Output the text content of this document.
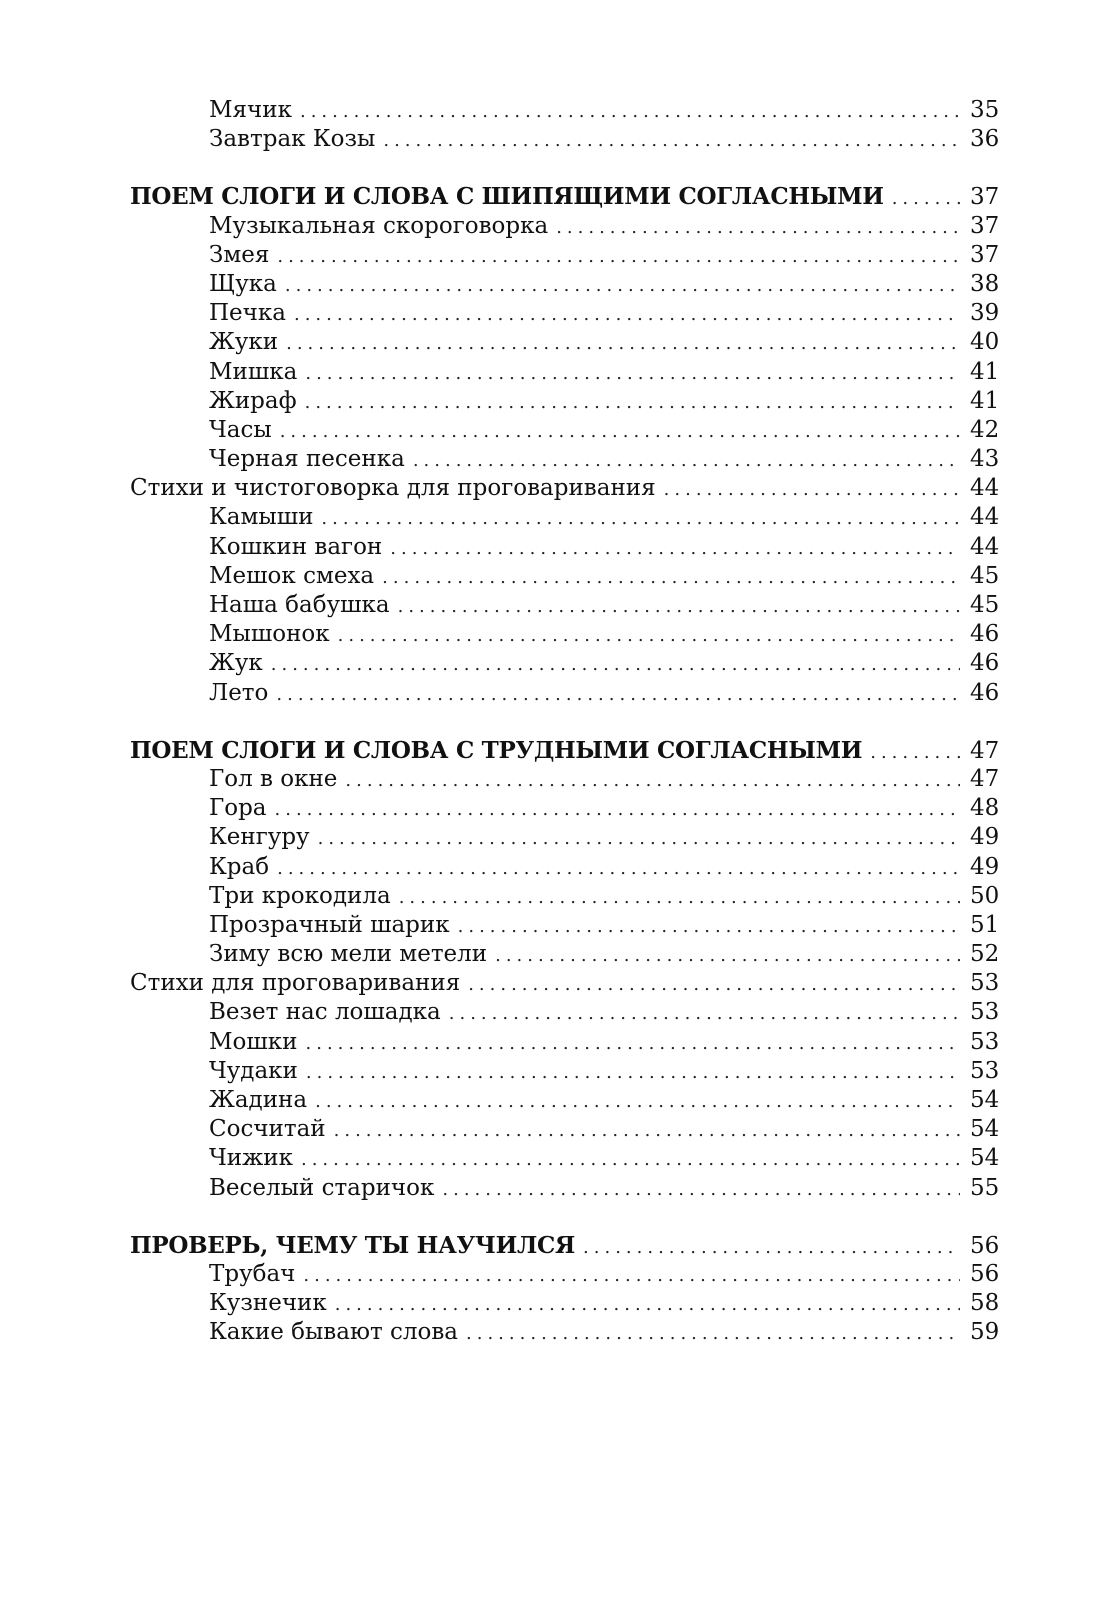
Мячик .....	35
Завтрак Козы .....	36
ПОЕМ СЛОГИ И СЛОВА С ШИПЯЩИМИ СОГЛАСНЫМИ .....	37
Музыкальная скороговорка .....	37
Змея .....	37
Щука .....	38
Печка .....	39
Жуки .....	40
Мишка .....	41
Жираф .....	41
Часы .....	42
Черная песенка .....	43
Стихи и чистоговорка для проговаривания .....	44
Камыши .....	44
Кошкин вагон .....	44
Мешок смеха .....	45
Наша бабушка .....	45
Мышонок .....	46
Жук .....	46
Лето .....	46
ПОЕМ СЛОГИ И СЛОВА С ТРУДНЫМИ СОГЛАСНЫМИ .....	47
Гол в окне .....	47
Гора .....	48
Кенгуру .....	49
Краб .....	49
Три крокодила .....	50
Прозрачный шарик .....	51
Зиму всю мели метели .....	52
Стихи для проговаривания .....	53
Везет нас лошадка .....	53
Мошки .....	53
Чудаки .....	53
Жадина .....	54
Сосчитай .....	54
Чижик .....	54
Веселый старичок .....	55
ПРОВЕРЬ, ЧЕМУ ТЫ НАУЧИЛСЯ .....	56
Трубач .....	56
Кузнечик .....	58
Какие бывают слова .....	59
